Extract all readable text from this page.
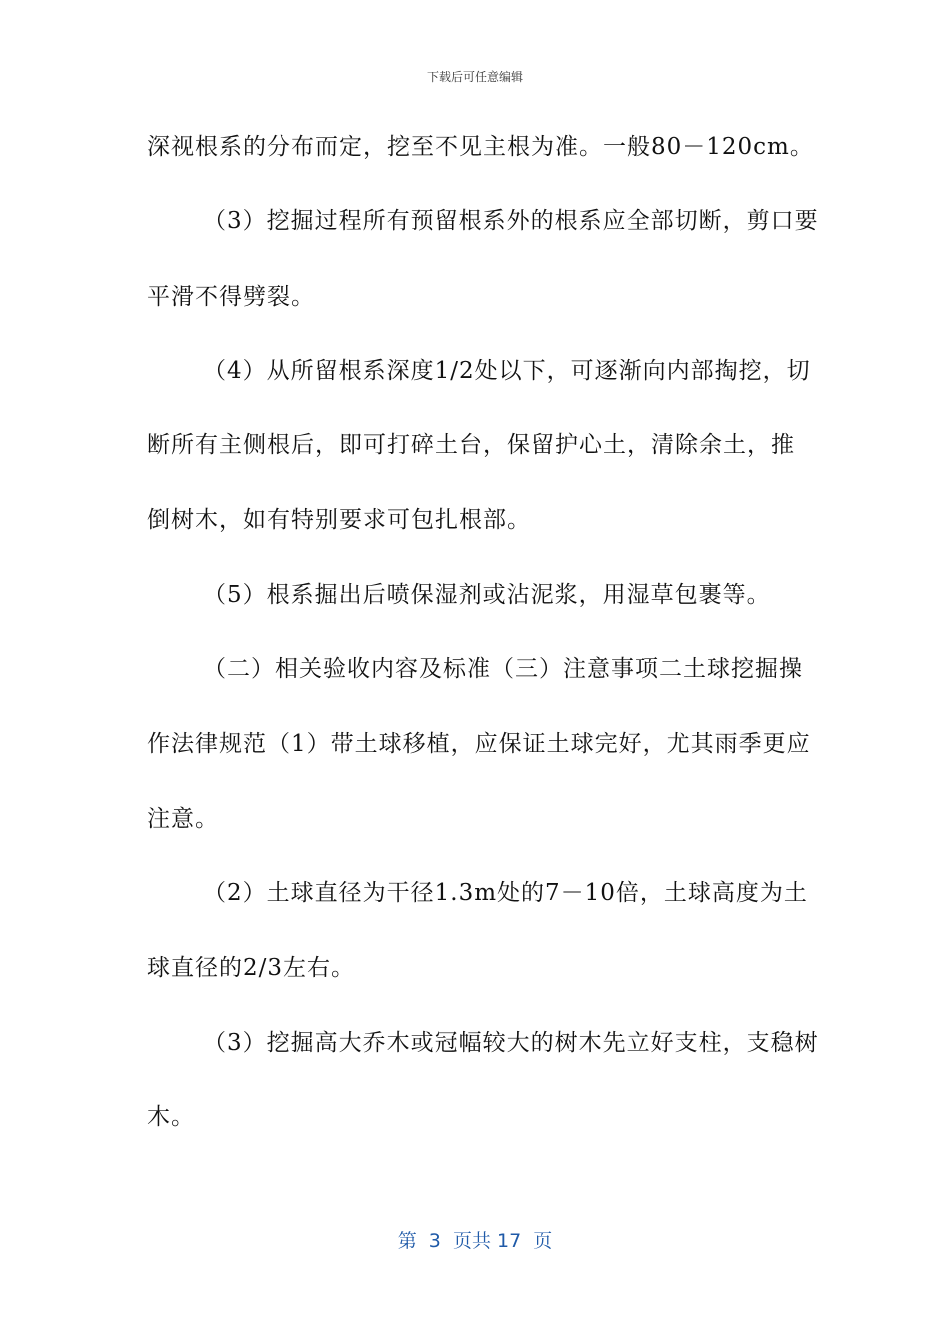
下载后可任意编辑
深视根系的分布而定，挖至不见主根为准。一般80－120cm。
（3）挖掘过程所有预留根系外的根系应全部切断，剪口要
平滑不得劈裂。
（4）从所留根系深度1/2处以下，可逐渐向内部掏挖，切
断所有主侧根后，即可打碎土台，保留护心土，清除余土，推
倒树木，如有特别要求可包扎根部。
（5）根系掘出后喷保湿剂或沾泥浆，用湿草包裹等。
（二）相关验收内容及标准（三）注意事项二土球挖掘操
作法律规范（1）带土球移植，应保证土球完好，尤其雨季更应
注意。
（2）土球直径为干径1.3m处的7－10倍，土球高度为土
球直径的2/3左右。
（3）挖掘高大乔木或冠幅较大的树木先立好支柱，支稳树
木。
第  3  页共 17  页
